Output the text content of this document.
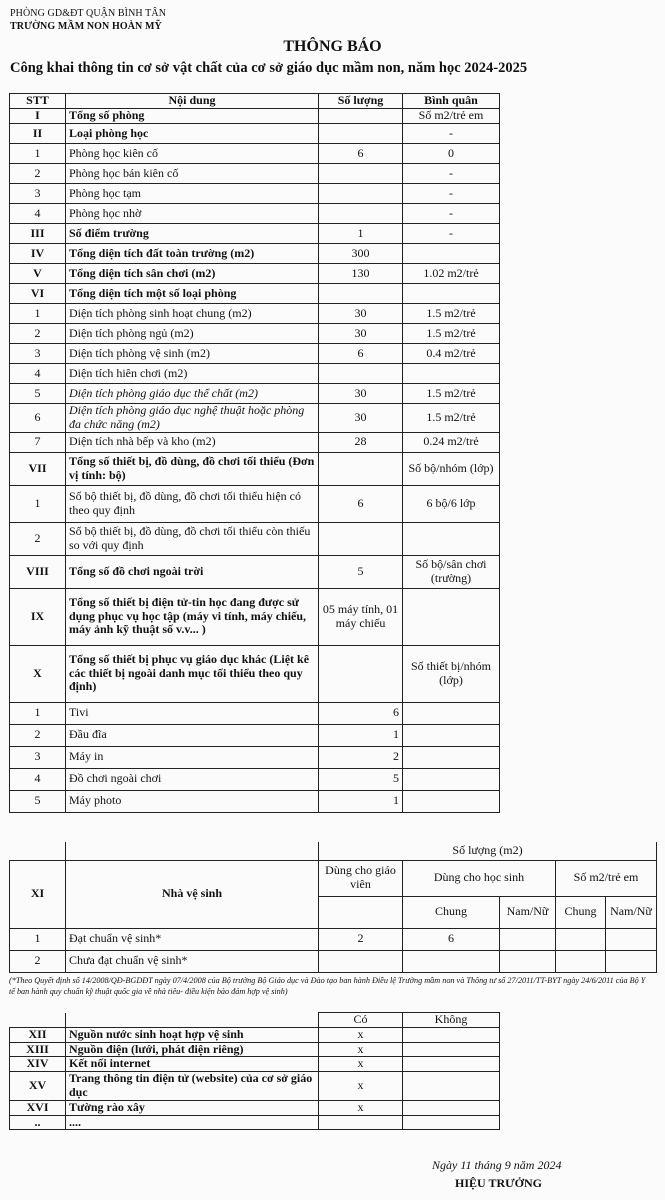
PHÒNG GD&ĐT QUẬN BÌNH TÂN
TRƯỜNG MẦM NON HOÀN MỸ
THÔNG BÁO
Công khai thông tin cơ sở vật chất của cơ sở giáo dục mầm non, năm học 2024-2025
STT	Nội dung	Số lượng	Bình quân
I	Tổng số phòng		Số m2/trẻ em
II	Loại phòng học		-
1	Phòng học kiên cố	6	0
2	Phòng học bán kiên cố		-
3	Phòng học tạm		-
4	Phòng học nhờ		-
III	Số điểm trường	1	-
IV	Tổng diện tích đất toàn trường (m2)	300	
V	Tổng diện tích sân chơi (m2)	130	1.02 m2/trẻ
VI	Tổng diện tích một số loại phòng		
1	Diện tích phòng sinh hoạt chung (m2)	30	1.5 m2/trẻ
2	Diện tích phòng ngủ (m2)	30	1.5 m2/trẻ
3	Diện tích phòng vệ sinh (m2)	6	0.4 m2/trẻ
4	Diện tích hiên chơi (m2)		
5	Diện tích phòng giáo dục thể chất (m2)	30	1.5 m2/trẻ
6	Diện tích phòng giáo dục nghệ thuật hoặc phòng đa chức năng (m2)	30	1.5 m2/trẻ
7	Diện tích nhà bếp và kho (m2)	28	0.24 m2/trẻ
VII	Tổng số thiết bị, đồ dùng, đồ chơi tối thiểu (Đơn vị tính: bộ)		Số bộ/nhóm (lớp)
1	Số bộ thiết bị, đồ dùng, đồ chơi tối thiểu hiện có theo quy định	6	6 bộ/6 lớp
2	Số bộ thiết bị, đồ dùng, đồ chơi tối thiểu còn thiếu so với quy định		
VIII	Tổng số đồ chơi ngoài trời	5	Số bộ/sân chơi (trường)
IX	Tổng số thiết bị điện tử-tin học đang được sử dụng phục vụ học tập (máy vi tính, máy chiếu, máy ảnh kỹ thuật số v.v... )	05 máy tính, 01 máy chiếu	
X	Tổng số thiết bị phục vụ giáo dục khác (Liệt kê các thiết bị ngoài danh mục tối thiểu theo quy định)		Số thiết bị/nhóm (lớp)
1	Tivi	6	
2	Đầu đĩa	1	
3	Máy in	2	
4	Đồ chơi ngoài chơi	5	
5	Máy photo	1	
		Số lượng (m2)				
XI	Nhà vệ sinh	Dùng cho giáo viên	Dùng cho học sinh		Số m2/trẻ em	
			Chung	Nam/Nữ	Chung	Nam/Nữ
1	Đạt chuẩn vệ sinh*	2	6			
2	Chưa đạt chuẩn vệ sinh*					
(*Theo Quyết định số 14/2008/QĐ-BGDĐT ngày 07/4/2008 của Bộ trưởng Bộ Giáo dục và Đào tạo ban hành Điều lệ Trường mầm non và Thông tư số 27/2011/TT-BYT ngày 24/6/2011 của Bộ Y tế ban hành quy chuẩn kỹ thuật quốc gia về nhà tiêu- điều kiện bảo đảm hợp vệ sinh)
		Có	Không
XII	Nguồn nước sinh hoạt hợp vệ sinh	x	
XIII	Nguồn điện (lưới, phát điện riêng)	x	
XIV	Kết nối internet	x	
XV	Trang thông tin điện tử (website) của cơ sở giáo dục	x	
XVI	Tường rào xây	x	
..	....		
Ngày 11 tháng 9 năm 2024
HIỆU TRƯỞNG
